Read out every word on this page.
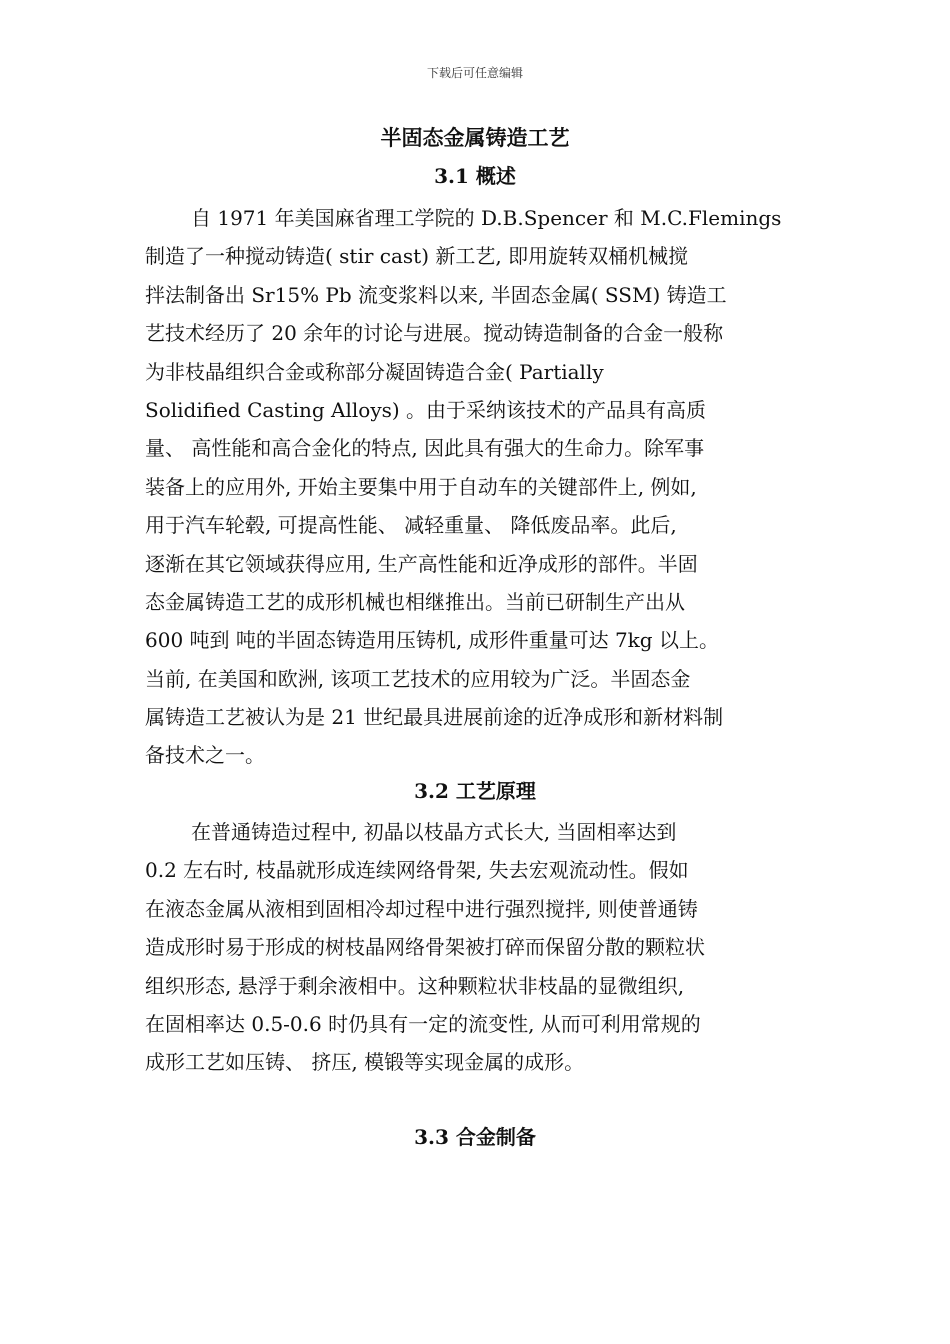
下载后可任意编辑
半固态金属铸造工艺
3.1 概述
自 1971 年美国麻省理工学院的 D.B.Spencer 和 M.C.Flemings
制造了一种搅动铸造( stir cast) 新工艺, 即用旋转双桶机械搅
拌法制备出 Sr15% Pb 流变浆料以来, 半固态金属( SSM) 铸造工
艺技术经历了 20 余年的讨论与进展。搅动铸造制备的合金一般称
为非枝晶组织合金或称部分凝固铸造合金( Partially
Solidified Casting Alloys) 。由于采纳该技术的产品具有高质
量、 高性能和高合金化的特点, 因此具有强大的生命力。除军事
装备上的应用外, 开始主要集中用于自动车的关键部件上, 例如,
用于汽车轮毂, 可提高性能、 减轻重量、 降低废品率。此后,
逐渐在其它领域获得应用, 生产高性能和近净成形的部件。半固
态金属铸造工艺的成形机械也相继推出。当前已研制生产出从
600 吨到 吨的半固态铸造用压铸机, 成形件重量可达 7kg 以上。
当前, 在美国和欧洲, 该项工艺技术的应用较为广泛。半固态金
属铸造工艺被认为是 21 世纪最具进展前途的近净成形和新材料制
备技术之一。
3.2 工艺原理
在普通铸造过程中, 初晶以枝晶方式长大, 当固相率达到
0.2 左右时, 枝晶就形成连续网络骨架, 失去宏观流动性。假如
在液态金属从液相到固相冷却过程中进行强烈搅拌, 则使普通铸
造成形时易于形成的树枝晶网络骨架被打碎而保留分散的颗粒状
组织形态, 悬浮于剩余液相中。这种颗粒状非枝晶的显微组织,
在固相率达 0.5-0.6 时仍具有一定的流变性, 从而可利用常规的
成形工艺如压铸、 挤压, 模锻等实现金属的成形。
3.3 合金制备
